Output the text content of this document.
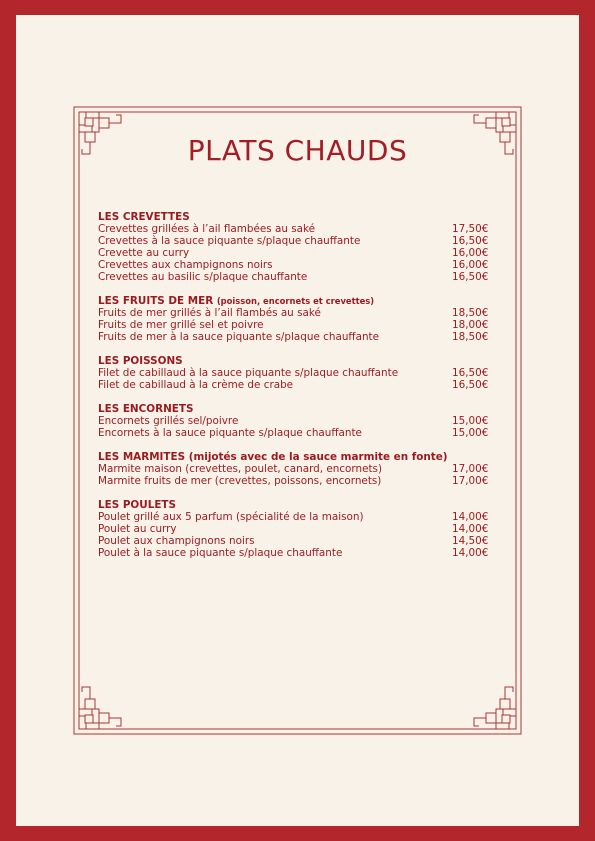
PLATS CHAUDS
LES CREVETTES
Crevettes grillées à l’ail flambées au saké	17,50€
Crevettes à la sauce piquante s/plaque chauffante	16,50€
Crevette au curry	16,00€
Crevettes aux champignons noirs	16,00€
Crevettes au basilic s/plaque chauffante	16,50€
LES FRUITS DE MER (poisson, encornets et crevettes)
Fruits de mer grillés à l’ail flambés au saké	18,50€
Fruits de mer grillé sel et poivre	18,00€
Fruits de mer à la sauce piquante s/plaque chauffante	18,50€
LES POISSONS
Filet de cabillaud à la sauce piquante s/plaque chauffante	16,50€
Filet de cabillaud à la crème de crabe	16,50€
LES ENCORNETS
Encornets grillés sel/poivre	15,00€
Encornets à la sauce piquante s/plaque chauffante	15,00€
LES MARMITES (mijotés avec de la sauce marmite en fonte)
Marmite maison (crevettes, poulet, canard, encornets)	17,00€
Marmite fruits de mer (crevettes, poissons, encornets)	17,00€
LES POULETS
Poulet grillé aux 5 parfum (spécialité de la maison)	14,00€
Poulet au curry	14,00€
Poulet aux champignons noirs	14,50€
Poulet à la sauce piquante s/plaque chauffante	14,00€
